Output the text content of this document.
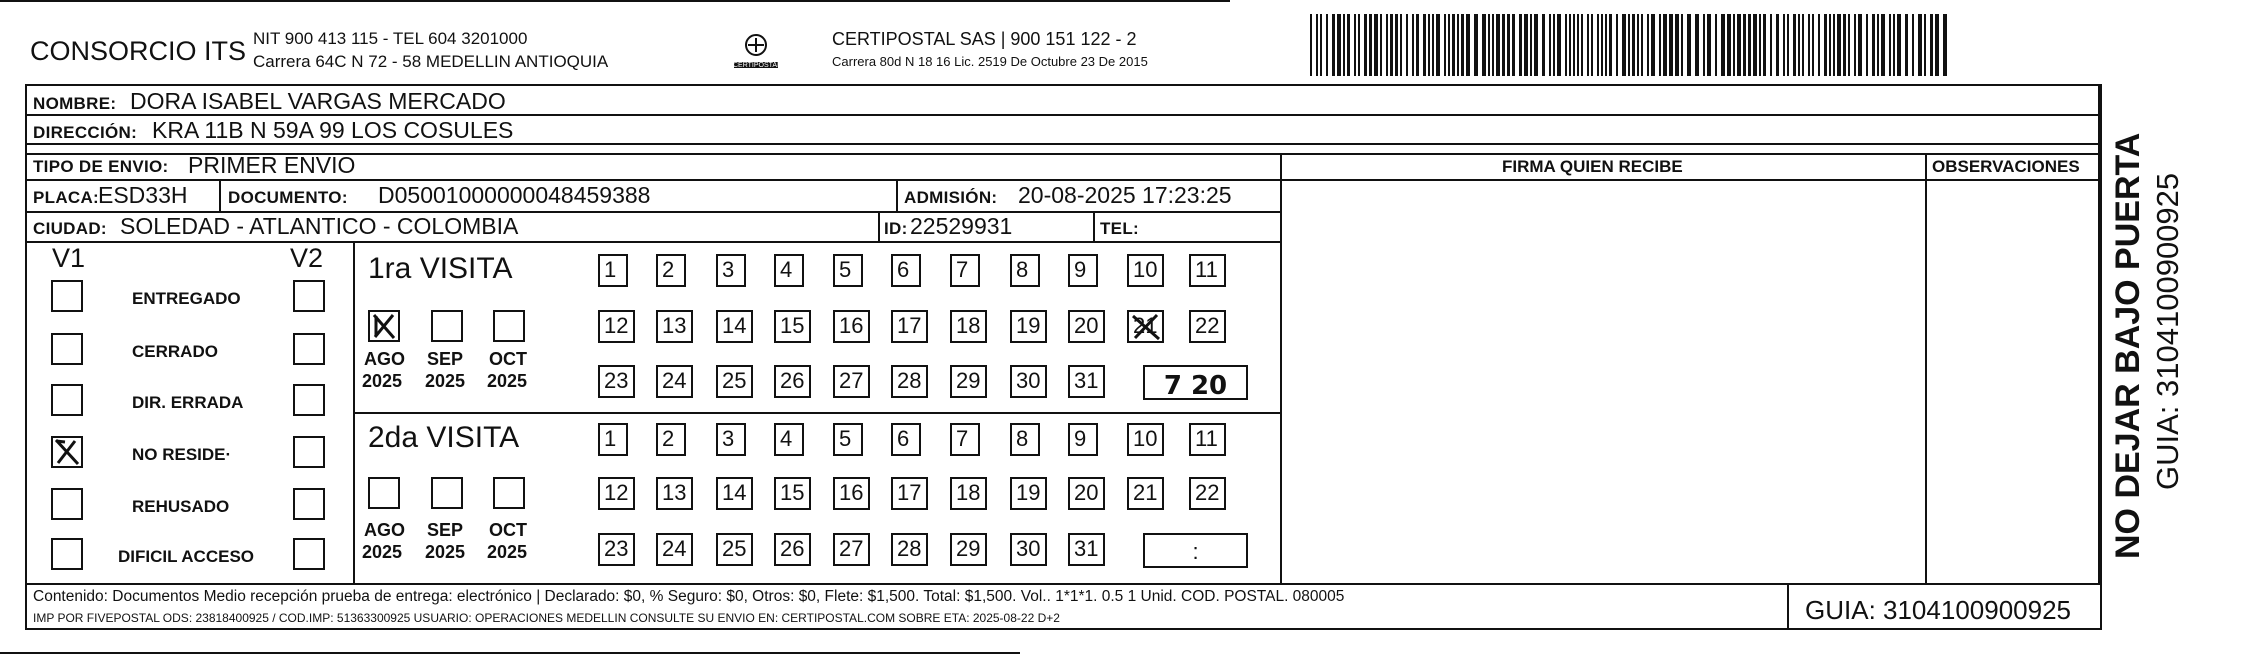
CONSORCIO ITS NIT 900 413 115 - TEL 604 3201000
Carrera 64C N 72 - 58 MEDELLIN ANTIOQUIA	CERTIPOSTAL
CERTIPOSTAL SAS | 900 151 122 - 2
Carrera 80d N 18 16 Lic. 2519 De Octubre 23 De 2015
NOMBRE: DORA ISABEL VARGAS MERCADO
DIRECCIÓN: KRA 11B N 59A 99 LOS COSULES
TIPO DE ENVIO: PRIMER ENVIO	FIRMA QUIEN RECIBE	OBSERVACIONES
PLACA:
ESD33H DOCUMENTO: D05001000000048459388	ADMISIÓN: 20-08-2025 17:23:25
CIUDAD: SOLEDAD - ATLANTICO - COLOMBIA	ID: 22529931	TEL:
V1	V2
ENTREGADO
CERRADO
DIR. ERRADA
NO RESIDE·
REHUSADO
DIFICIL ACCESO
1ra VISITA
AGO
2025
SEP
2025
OCT
2025
1	2	3	4	5	6	7	8	9	10 11
12 13 14 15 16 17 18 19 20 21 22
23 24 25 26 27 28 29 30 31	7 20
2da VISITA
AGO
2025
SEP
2025
OCT
2025
1	2	3	4	5	6	7	8	9	10 11
12 13 14 15 16 17 18 19 20 21 22
23 24 25 26 27 28 29 30 31	:
Contenido: Documentos Medio recepción prueba de entrega: electrónico | Declarado: $0, % Seguro: $0, Otros: $0, Flete: $1,500. Total: $1,500. Vol.. 1*1*1. 0.5 1 Unid. COD. POSTAL. 080005
IMP POR FIVEPOSTAL ODS: 23818400925 / COD.IMP: 51363300925 USUARIO: OPERACIONES MEDELLIN CONSULTE SU ENVIO EN: CERTIPOSTAL.COM SOBRE ETA: 2025-08-22 D+2	GUIA: 3104100900925
NO DEJAR BAJO PUERTA GUIA: 3104100900925
